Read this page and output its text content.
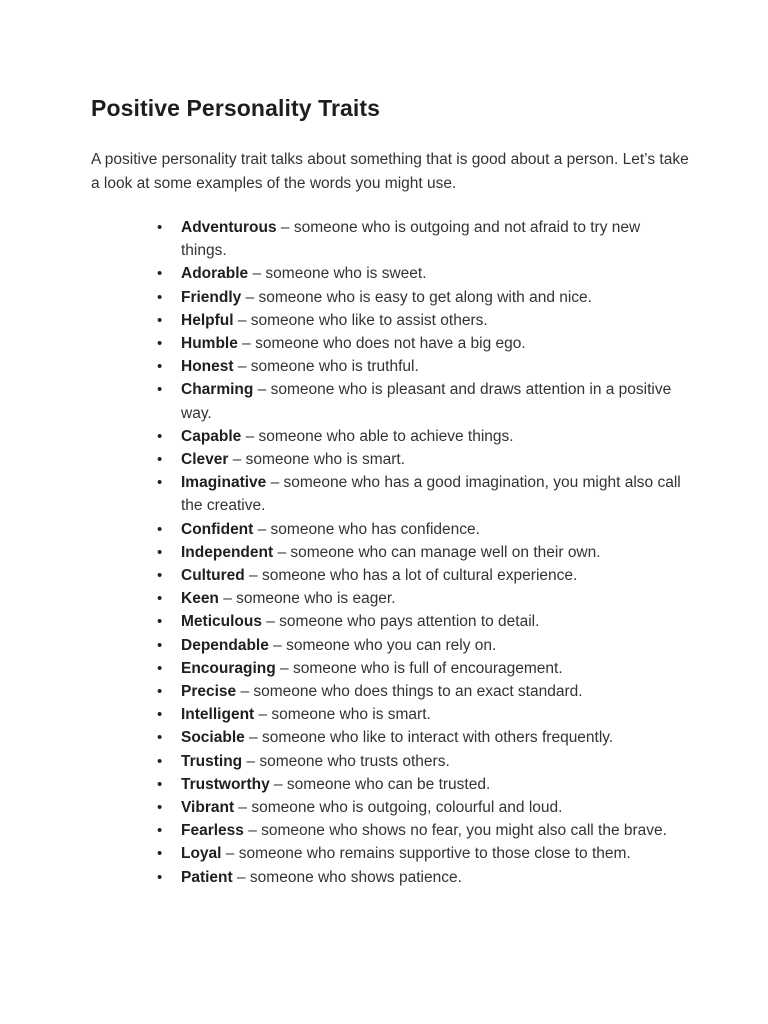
Positive Personality Traits

A positive personality trait talks about something that is good about a person. Let’s take a look at some examples of the words you might use.

• Adventurous – someone who is outgoing and not afraid to try new things.
• Adorable – someone who is sweet.
• Friendly – someone who is easy to get along with and nice.
• Helpful – someone who like to assist others.
• Humble – someone who does not have a big ego.
• Honest – someone who is truthful.
• Charming – someone who is pleasant and draws attention in a positive way.
• Capable – someone who able to achieve things.
• Clever – someone who is smart.
• Imaginative – someone who has a good imagination, you might also call the creative.
• Confident – someone who has confidence.
• Independent – someone who can manage well on their own.
• Cultured – someone who has a lot of cultural experience.
• Keen – someone who is eager.
• Meticulous – someone who pays attention to detail.
• Dependable – someone who you can rely on.
• Encouraging – someone who is full of encouragement.
• Precise – someone who does things to an exact standard.
• Intelligent – someone who is smart.
• Sociable – someone who like to interact with others frequently.
• Trusting – someone who trusts others.
• Trustworthy – someone who can be trusted.
• Vibrant – someone who is outgoing, colourful and loud.
• Fearless – someone who shows no fear, you might also call the brave.
• Loyal – someone who remains supportive to those close to them.
• Patient – someone who shows patience.
